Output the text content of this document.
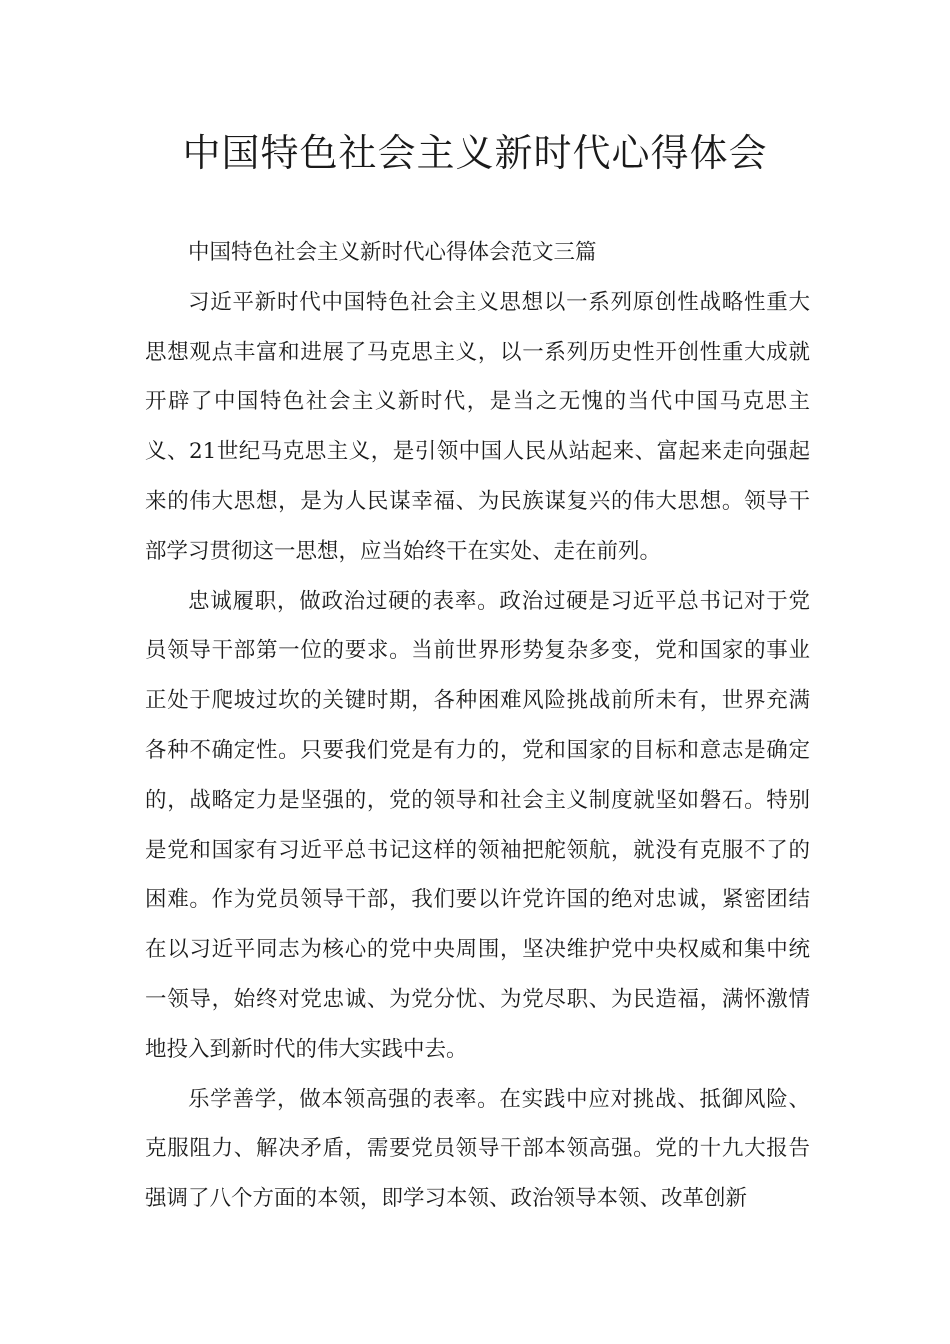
中国特色社会主义新时代心得体会

中国特色社会主义新时代心得体会范文三篇

习近平新时代中国特色社会主义思想以一系列原创性战略性重大思想观点丰富和进展了马克思主义，以一系列历史性开创性重大成就开辟了中国特色社会主义新时代，是当之无愧的当代中国马克思主义、21世纪马克思主义，是引领中国人民从站起来、富起来走向强起来的伟大思想，是为人民谋幸福、为民族谋复兴的伟大思想。领导干部学习贯彻这一思想，应当始终干在实处、走在前列。

忠诚履职，做政治过硬的表率。政治过硬是习近平总书记对于党员领导干部第一位的要求。当前世界形势复杂多变，党和国家的事业正处于爬坡过坎的关键时期，各种困难风险挑战前所未有，世界充满各种不确定性。只要我们党是有力的，党和国家的目标和意志是确定的，战略定力是坚强的，党的领导和社会主义制度就坚如磐石。特别是党和国家有习近平总书记这样的领袖把舵领航，就没有克服不了的困难。作为党员领导干部，我们要以许党许国的绝对忠诚，紧密团结在以习近平同志为核心的党中央周围，坚决维护党中央权威和集中统一领导，始终对党忠诚、为党分忧、为党尽职、为民造福，满怀激情地投入到新时代的伟大实践中去。

乐学善学，做本领高强的表率。在实践中应对挑战、抵御风险、克服阻力、解决矛盾，需要党员领导干部本领高强。党的十九大报告强调了八个方面的本领，即学习本领、政治领导本领、改革创新
